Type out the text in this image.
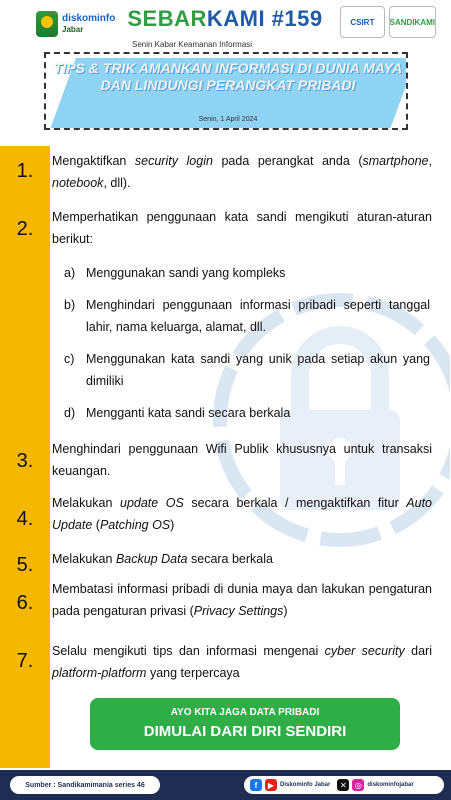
diskominfo
Jabar	SEBARKAMI #159
Senin Kabar Keamanan Informasi
CSIRT	SANDIKAMI
TIPS & TRIK AMANKAN INFORMASI DI DUNIA MAYA DAN LINDUNGI PERANGKAT PRIBADI
Senin, 1 April 2024
1.
2.
3.
4.
5.
6.
7.
Mengaktifkan security login pada perangkat anda (smartphone, notebook, dll).
Memperhatikan penggunaan kata sandi mengikuti aturan-aturan berikut:
a) Menggunakan sandi yang kompleks
b) Menghindari penggunaan informasi pribadi seperti tanggal lahir, nama keluarga, alamat, dll.
c) Menggunakan kata sandi yang unik pada setiap akun yang dimiliki
d) Mengganti kata sandi secara berkala
Menghindari penggunaan Wifi Publik khususnya untuk transaksi keuangan.
Melakukan update OS secara berkala / mengaktifkan fitur Auto Update (Patching OS)
Melakukan Backup Data secara berkala
Membatasi informasi pribadi di dunia maya dan lakukan pengaturan pada pengaturan privasi (Privacy Settings)
Selalu mengikuti tips dan informasi mengenai cyber security dari platform-platform yang terpercaya
AYO KITA JAGA DATA PRIBADI
DIMULAI DARI DIRI SENDIRI
Sumber : Sandikamimania series 46	f	▶ Diskominfo Jabar	✕	◎ diskominfojabar
